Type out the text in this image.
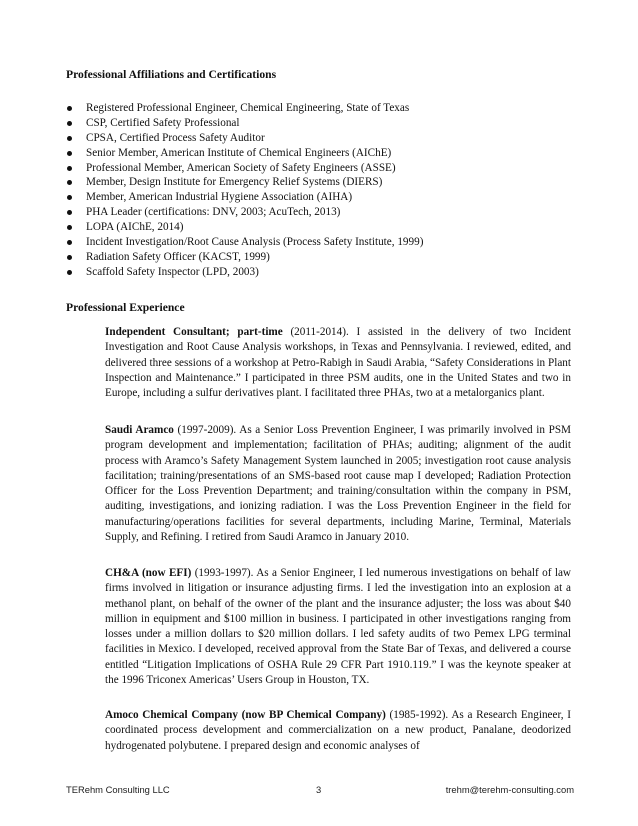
Professional Affiliations and Certifications
Registered Professional Engineer, Chemical Engineering, State of Texas
CSP, Certified Safety Professional
CPSA, Certified Process Safety Auditor
Senior Member, American Institute of Chemical Engineers (AIChE)
Professional Member, American Society of Safety Engineers (ASSE)
Member, Design Institute for Emergency Relief Systems (DIERS)
Member, American Industrial Hygiene Association (AIHA)
PHA Leader (certifications: DNV, 2003; AcuTech, 2013)
LOPA (AIChE, 2014)
Incident Investigation/Root Cause Analysis (Process Safety Institute, 1999)
Radiation Safety Officer (KACST, 1999)
Scaffold Safety Inspector (LPD, 2003)
Professional Experience

Independent Consultant; part-time (2011-2014). I assisted in the delivery of two Incident Investigation and Root Cause Analysis workshops, in Texas and Pennsylvania. I reviewed, edited, and delivered three sessions of a workshop at Petro-Rabigh in Saudi Arabia, “Safety Considerations in Plant Inspection and Maintenance.” I participated in three PSM audits, one in the United States and two in Europe, including a sulfur derivatives plant. I facilitated three PHAs, two at a metalorganics plant.

Saudi Aramco (1997-2009). As a Senior Loss Prevention Engineer, I was primarily involved in PSM program development and implementation; facilitation of PHAs; auditing; alignment of the audit process with Aramco’s Safety Management System launched in 2005; investigation root cause analysis facilitation; training/presentations of an SMS-based root cause map I developed; Radiation Protection Officer for the Loss Prevention Department; and training/consultation within the company in PSM, auditing, investigations, and ionizing radiation. I was the Loss Prevention Engineer in the field for manufacturing/operations facilities for several departments, including Marine, Terminal, Materials Supply, and Refining. I retired from Saudi Aramco in January 2010.

CH&A (now EFI) (1993-1997). As a Senior Engineer, I led numerous investigations on behalf of law firms involved in litigation or insurance adjusting firms. I led the investigation into an explosion at a methanol plant, on behalf of the owner of the plant and the insurance adjuster; the loss was about $40 million in equipment and $100 million in business. I participated in other investigations ranging from losses under a million dollars to $20 million dollars. I led safety audits of two Pemex LPG terminal facilities in Mexico. I developed, received approval from the State Bar of Texas, and delivered a course entitled “Litigation Implications of OSHA Rule 29 CFR Part 1910.119.” I was the keynote speaker at the 1996 Triconex Americas’ Users Group in Houston, TX.

Amoco Chemical Company (now BP Chemical Company) (1985-1992). As a Research Engineer, I coordinated process development and commercialization on a new product, Panalane, deodorized hydrogenated polybutene. I prepared design and economic analyses of

TERehm Consulting LLC	3	trehm@terehm-consulting.com
